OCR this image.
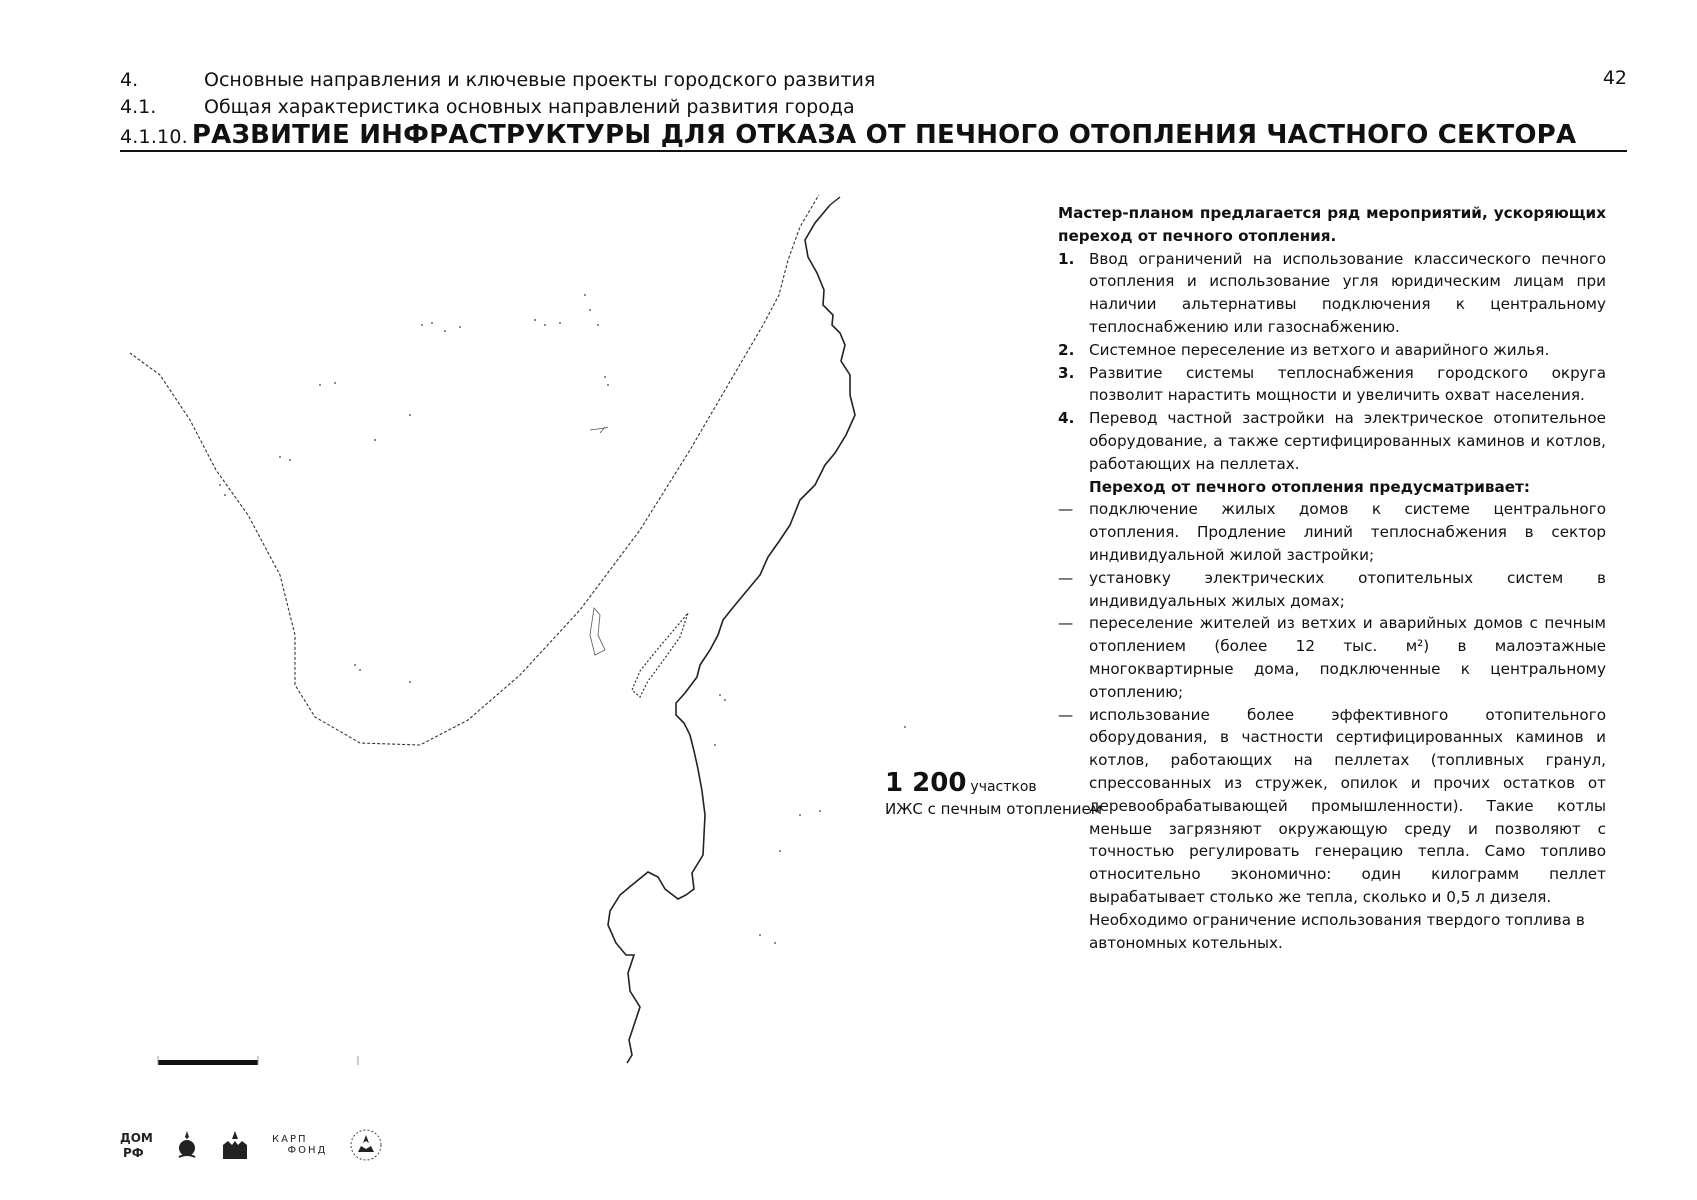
4.	Основные направления и ключевые проекты городского развития
4.1.	Общая характеристика основных направлений развития города
4.1.10. РАЗВИТИЕ ИНФРАСТРУКТУРЫ ДЛЯ ОТКАЗА ОТ ПЕЧНОГО ОТОПЛЕНИЯ ЧАСТНОГО СЕКТОРА
42
1 200 участков
ИЖС с печным отоплением
Мастер-планом предлагается ряд мероприятий, ускоряющих переход от печного отопления.
1. Ввод ограничений на использование классического печного отопления и использование угля юридическим лицам при наличии альтернативы подключения к центральному теплоснабжению или газоснабжению.
2. Системное переселение из ветхого и аварийного жилья.
3. Развитие системы теплоснабжения городского округа позволит нарастить мощности и увеличить охват населения.
4. Перевод частной застройки на электрическое отопительное оборудование, а также сертифицированных каминов и котлов, работающих на пеллетах.
Переход от печного отопления предусматривает:
— подключение жилых домов к системе центрального отопления. Продление линий теплоснабжения в сектор индивидуальной жилой застройки;
— установку электрических отопительных систем в индивидуальных жилых домах;
— переселение жителей из ветхих и аварийных домов с печным отоплением (более 12 тыс. м²) в малоэтажные многоквартирные дома, подключенные к центральному отоплению;
— использование более эффективного отопительного оборудования, в частности сертифицированных каминов и котлов, работающих на пеллетах (топливных гранул, спрессованных из стружек, опилок и прочих остатков от деревообрабатывающей промышленности). Такие котлы меньше загрязняют окружающую среду и позволяют с точностью регулировать генерацию тепла. Само топливо относительно экономично: один килограмм пеллет вырабатывает столько же тепла, сколько и 0,5 л дизеля.
Необходимо ограничение использования твердого топлива в автономных котельных.
ДОМ
РФ
КАРП
ФОНД
